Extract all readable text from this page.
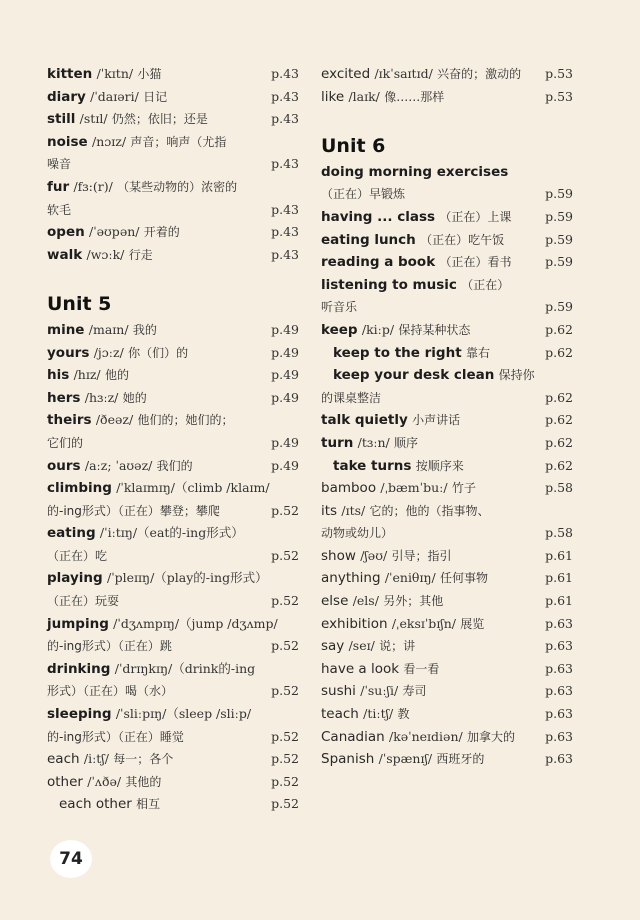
kitten /ˈkɪtn/ 小猫	p.43
diary /ˈdaɪəri/ 日记	p.43
still /stɪl/ 仍然；依旧；还是	p.43
noise /nɔɪz/ 声音；响声（尤指
噪音	p.43
fur /fɜ:(r)/ （某些动物的）浓密的
软毛	p.43
open /ˈəʊpən/ 开着的	p.43
walk /wɔːk/ 行走	p.43
Unit 5
mine /maɪn/ 我的	p.49
yours /jɔːz/ 你（们）的	p.49
his /hɪz/ 他的	p.49
hers /hɜːz/ 她的	p.49
theirs /ðeəz/ 他们的；她们的；
它们的	p.49
ours /aːz; ˈaʊəz/ 我们的	p.49
climbing /ˈklaɪmɪŋ/（climb /klaɪm/
的-ing形式）（正在）攀登；攀爬	p.52
eating /ˈiːtɪŋ/（eat的-ing形式）
（正在）吃	p.52
playing /ˈpleɪɪŋ/（play的-ing形式）
（正在）玩耍	p.52
jumping /ˈdʒʌmpɪŋ/（jump /dʒʌmp/
的-ing形式）（正在）跳	p.52
drinking /ˈdrɪŋkɪŋ/（drink的-ing
形式）（正在）喝（水）	p.52
sleeping /ˈsliːpɪŋ/（sleep /sliːp/
的-ing形式）（正在）睡觉	p.52
each /iːtʃ/ 每一；各个	p.52
other /ˈʌðə/ 其他的	p.52
each other 相互	p.52
excited /ɪkˈsaɪtɪd/ 兴奋的；激动的 p.53
like /laɪk/ 像……那样	p.53
Unit 6
doing morning exercises
（正在）早锻炼	p.59
having ... class （正在）上课	p.59
eating lunch （正在）吃午饭	p.59
reading a book （正在）看书	p.59
listening to music （正在）
听音乐	p.59
keep /kiːp/ 保持某种状态	p.62
keep to the right 靠右	p.62
keep your desk clean 保持你
的课桌整洁	p.62
talk quietly 小声讲话	p.62
turn /tɜːn/ 顺序	p.62
take turns 按顺序来	p.62
bamboo /ˌbæmˈbuː/ 竹子	p.58
its /ɪts/ 它的；他的（指事物、
动物或幼儿）	p.58
show /ʃəʊ/ 引导；指引	p.61
anything /ˈeniθɪŋ/ 任何事物	p.61
else /els/ 另外；其他	p.61
exhibition /ˌeksɪˈbɪʃn/ 展览	p.63
say /seɪ/ 说；讲	p.63
have a look 看一看	p.63
sushi /ˈsuːʃi/ 寿司	p.63
teach /tiːtʃ/ 教	p.63
Canadian /kəˈneɪdiən/ 加拿大的 p.63
Spanish /ˈspænɪʃ/ 西班牙的	p.63
74
